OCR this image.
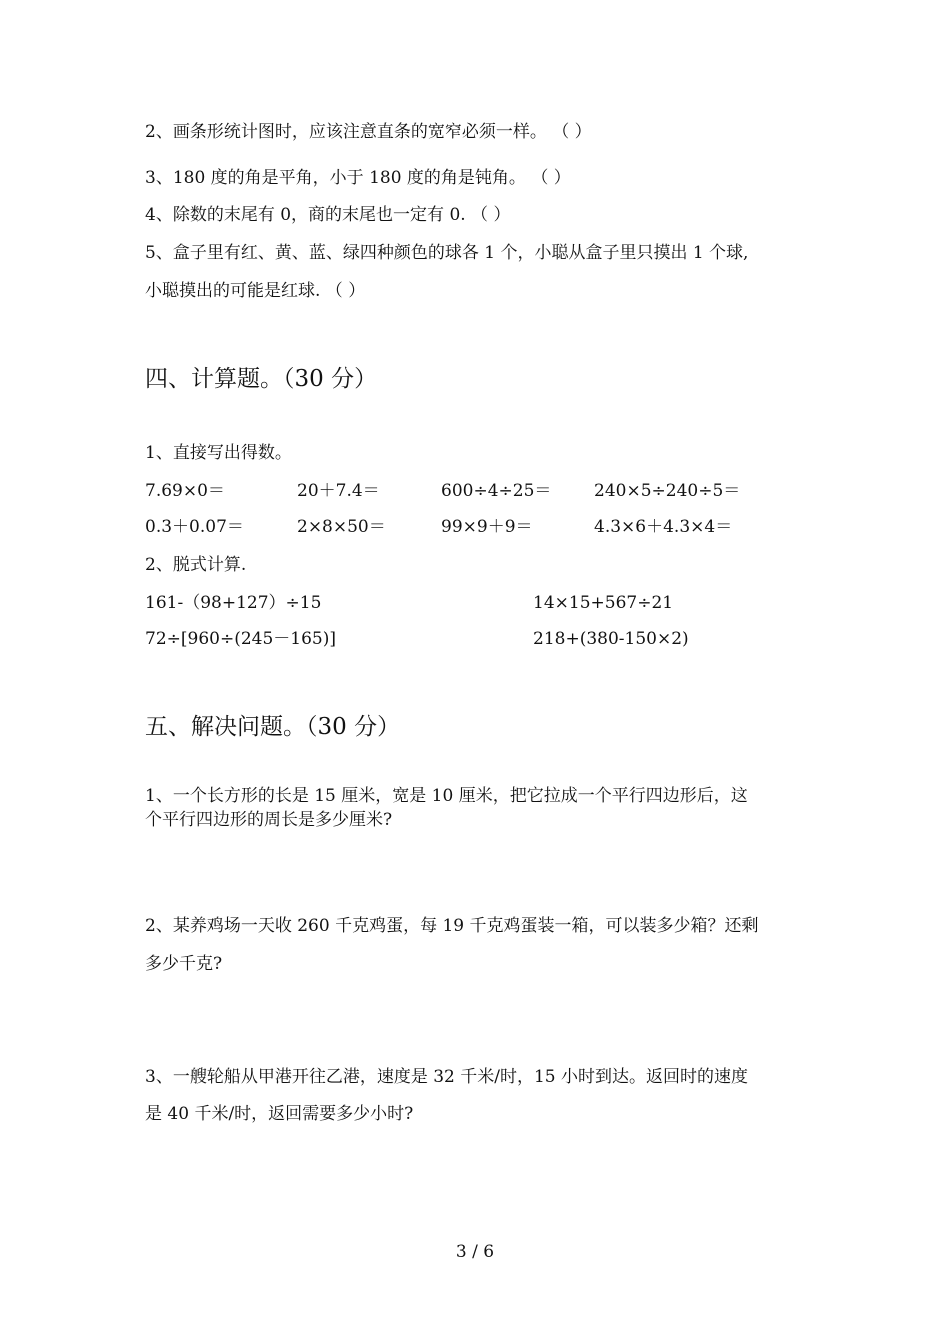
2、画条形统计图时，应该注意直条的宽窄必须一样。 （ ）
3、180 度的角是平角，小于 180 度的角是钝角。 （ ）
4、除数的末尾有 0，商的末尾也一定有 0. （ ）
5、盒子里有红、黄、蓝、绿四种颜色的球各 1 个，小聪从盒子里只摸出 1 个球,
小聪摸出的可能是红球. （ ）
四、计算题。（30 分）
1、直接写出得数。
7.69×0＝	20＋7.4＝	600÷4÷25＝	240×5÷240÷5＝
0.3＋0.07＝	2×8×50＝	99×9＋9＝	4.3×6＋4.3×4＝
2、脱式计算.
161-（98+127）÷15	14×15+567÷21
72÷[960÷(245－165)]	218+(380-150×2)
五、解决问题。（30 分）
1、一个长方形的长是 15 厘米，宽是 10 厘米，把它拉成一个平行四边形后，这
个平行四边形的周长是多少厘米?
2、某养鸡场一天收 260 千克鸡蛋，每 19 千克鸡蛋装一箱，可以装多少箱？还剩
多少千克?
3、一艘轮船从甲港开往乙港，速度是 32 千米/时，15 小时到达。返回时的速度
是 40 千米/时，返回需要多少小时?
3 / 6
